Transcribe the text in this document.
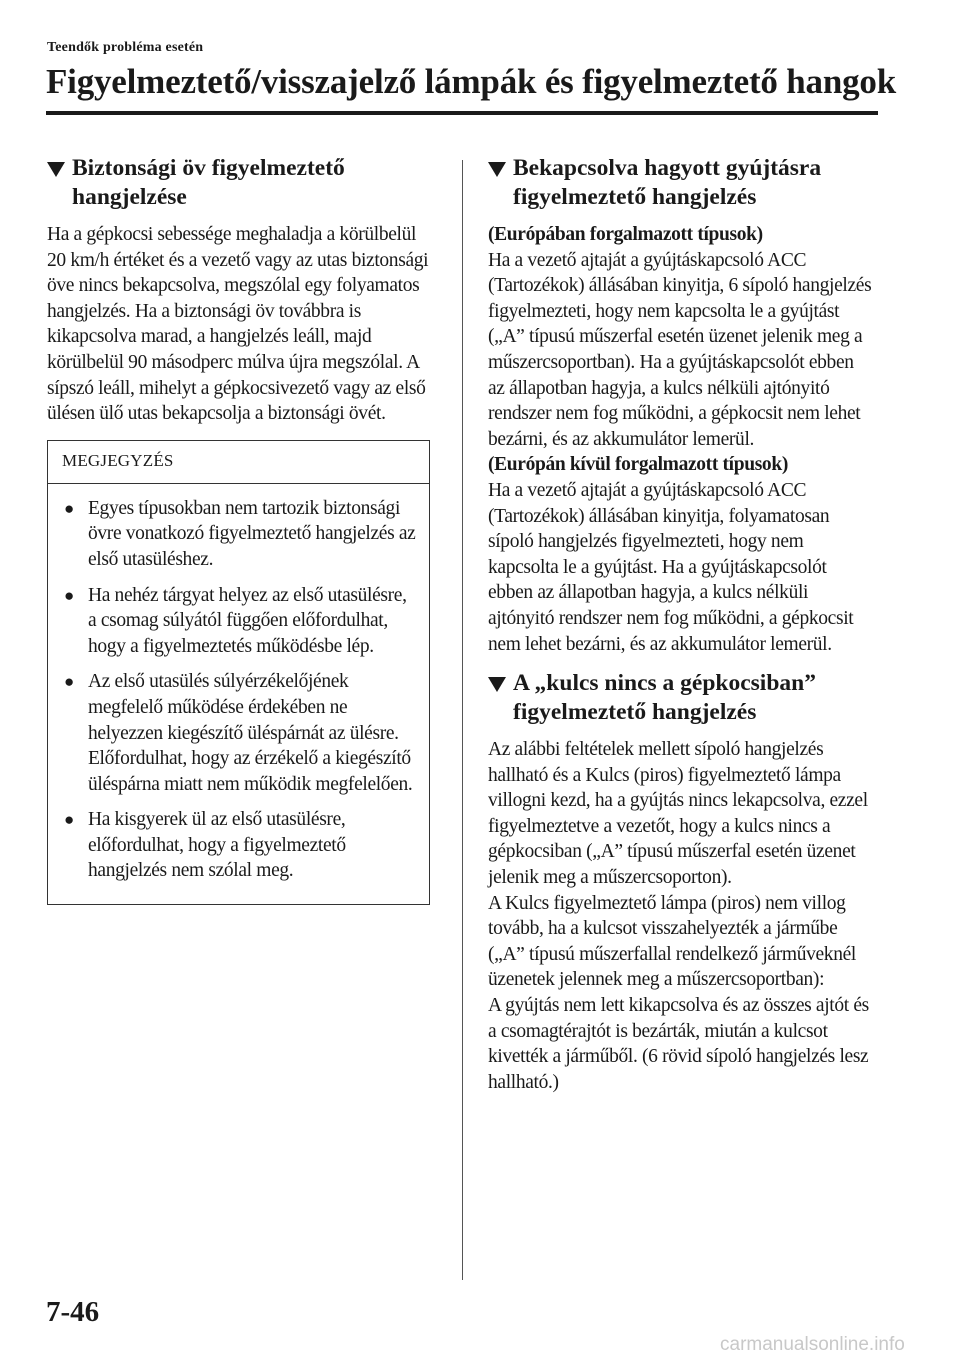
Teendők probléma esetén
Figyelmeztető/visszajelző lámpák és figyelmeztető hangok
Biztonsági öv figyelmeztető hangjelzése

Ha a gépkocsi sebessége meghaladja a körülbelül 20 km/h értéket és a vezető vagy az utas biztonsági öve nincs bekapcsolva, megszólal egy folyamatos hangjelzés. Ha a biztonsági öv továbbra is kikapcsolva marad, a hangjelzés leáll, majd körülbelül 90 másodperc múlva újra megszólal. A sípszó leáll, mihelyt a gépkocsivezető vagy az első ülésen ülő utas bekapcsolja a biztonsági övét.

MEGJEGYZÉS
● Egyes típusokban nem tartozik biztonsági övre vonatkozó figyelmeztető hangjelzés az első utasüléshez.
● Ha nehéz tárgyat helyez az első utasülésre, a csomag súlyától függően előfordulhat, hogy a figyelmeztetés működésbe lép.
● Az első utasülés súlyérzékelőjének megfelelő működése érdekében ne helyezzen kiegészítő üléspárnát az ülésre. Előfordulhat, hogy az érzékelő a kiegészítő üléspárna miatt nem működik megfelelően.
● Ha kisgyerek ül az első utasülésre, előfordulhat, hogy a figyelmeztető hangjelzés nem szólal meg.
Bekapcsolva hagyott gyújtásra figyelmeztető hangjelzés

(Európában forgalmazott típusok)
Ha a vezető ajtaját a gyújtáskapcsoló ACC (Tartozékok) állásában kinyitja, 6 sípoló hangjelzés figyelmezteti, hogy nem kapcsolta le a gyújtást („A” típusú műszerfal esetén üzenet jelenik meg a műszercsoportban). Ha a gyújtáskapcsolót ebben az állapotban hagyja, a kulcs nélküli ajtónyitó rendszer nem fog működni, a gépkocsit nem lehet bezárni, és az akkumulátor lemerül.
(Európán kívül forgalmazott típusok)
Ha a vezető ajtaját a gyújtáskapcsoló ACC (Tartozékok) állásában kinyitja, folyamatosan sípoló hangjelzés figyelmezteti, hogy nem kapcsolta le a gyújtást. Ha a gyújtáskapcsolót ebben az állapotban hagyja, a kulcs nélküli ajtónyitó rendszer nem fog működni, a gépkocsit nem lehet bezárni, és az akkumulátor lemerül.

A „kulcs nincs a gépkocsiban” figyelmeztető hangjelzés

Az alábbi feltételek mellett sípoló hangjelzés hallható és a Kulcs (piros) figyelmeztető lámpa villogni kezd, ha a gyújtás nincs lekapcsolva, ezzel figyelmeztetve a vezetőt, hogy a kulcs nincs a gépkocsiban („A” típusú műszerfal esetén üzenet jelenik meg a műszercsoporton).
A Kulcs figyelmeztető lámpa (piros) nem villog tovább, ha a kulcsot visszahelyezték a járműbe („A” típusú műszerfallal rendelkező járműveknél üzenetek jelennek meg a műszercsoportban):
A gyújtás nem lett kikapcsolva és az összes ajtót és a csomagtérajtót is bezárták, miután a kulcsot kivették a járműből. (6 rövid sípoló hangjelzés lesz hallható.)

7-46
carmanualsonline.info
